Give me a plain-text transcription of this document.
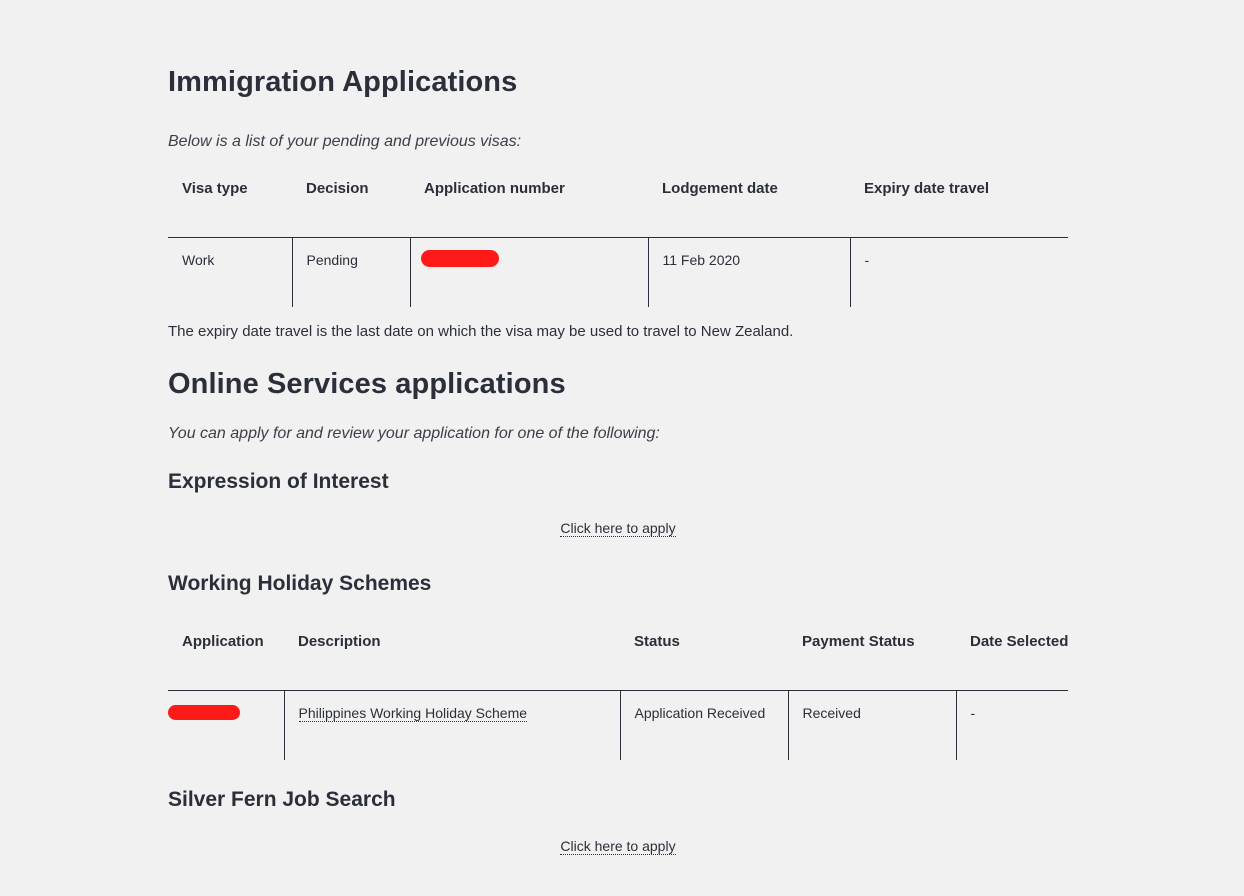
Immigration Applications

Below is a list of your pending and previous visas:

Visa type	Decision	Application number	Lodgement date	Expiry date travel
Work	Pending		11 Feb 2020	-

The expiry date travel is the last date on which the visa may be used to travel to New Zealand.

Online Services applications

You can apply for and review your application for one of the following:

Expression of Interest
Click here to apply
Working Holiday Schemes
Application	Description	Status	Payment Status	Date Selected
	Philippines Working Holiday Scheme	Application Received	Received	-
Silver Fern Job Search
Click here to apply
